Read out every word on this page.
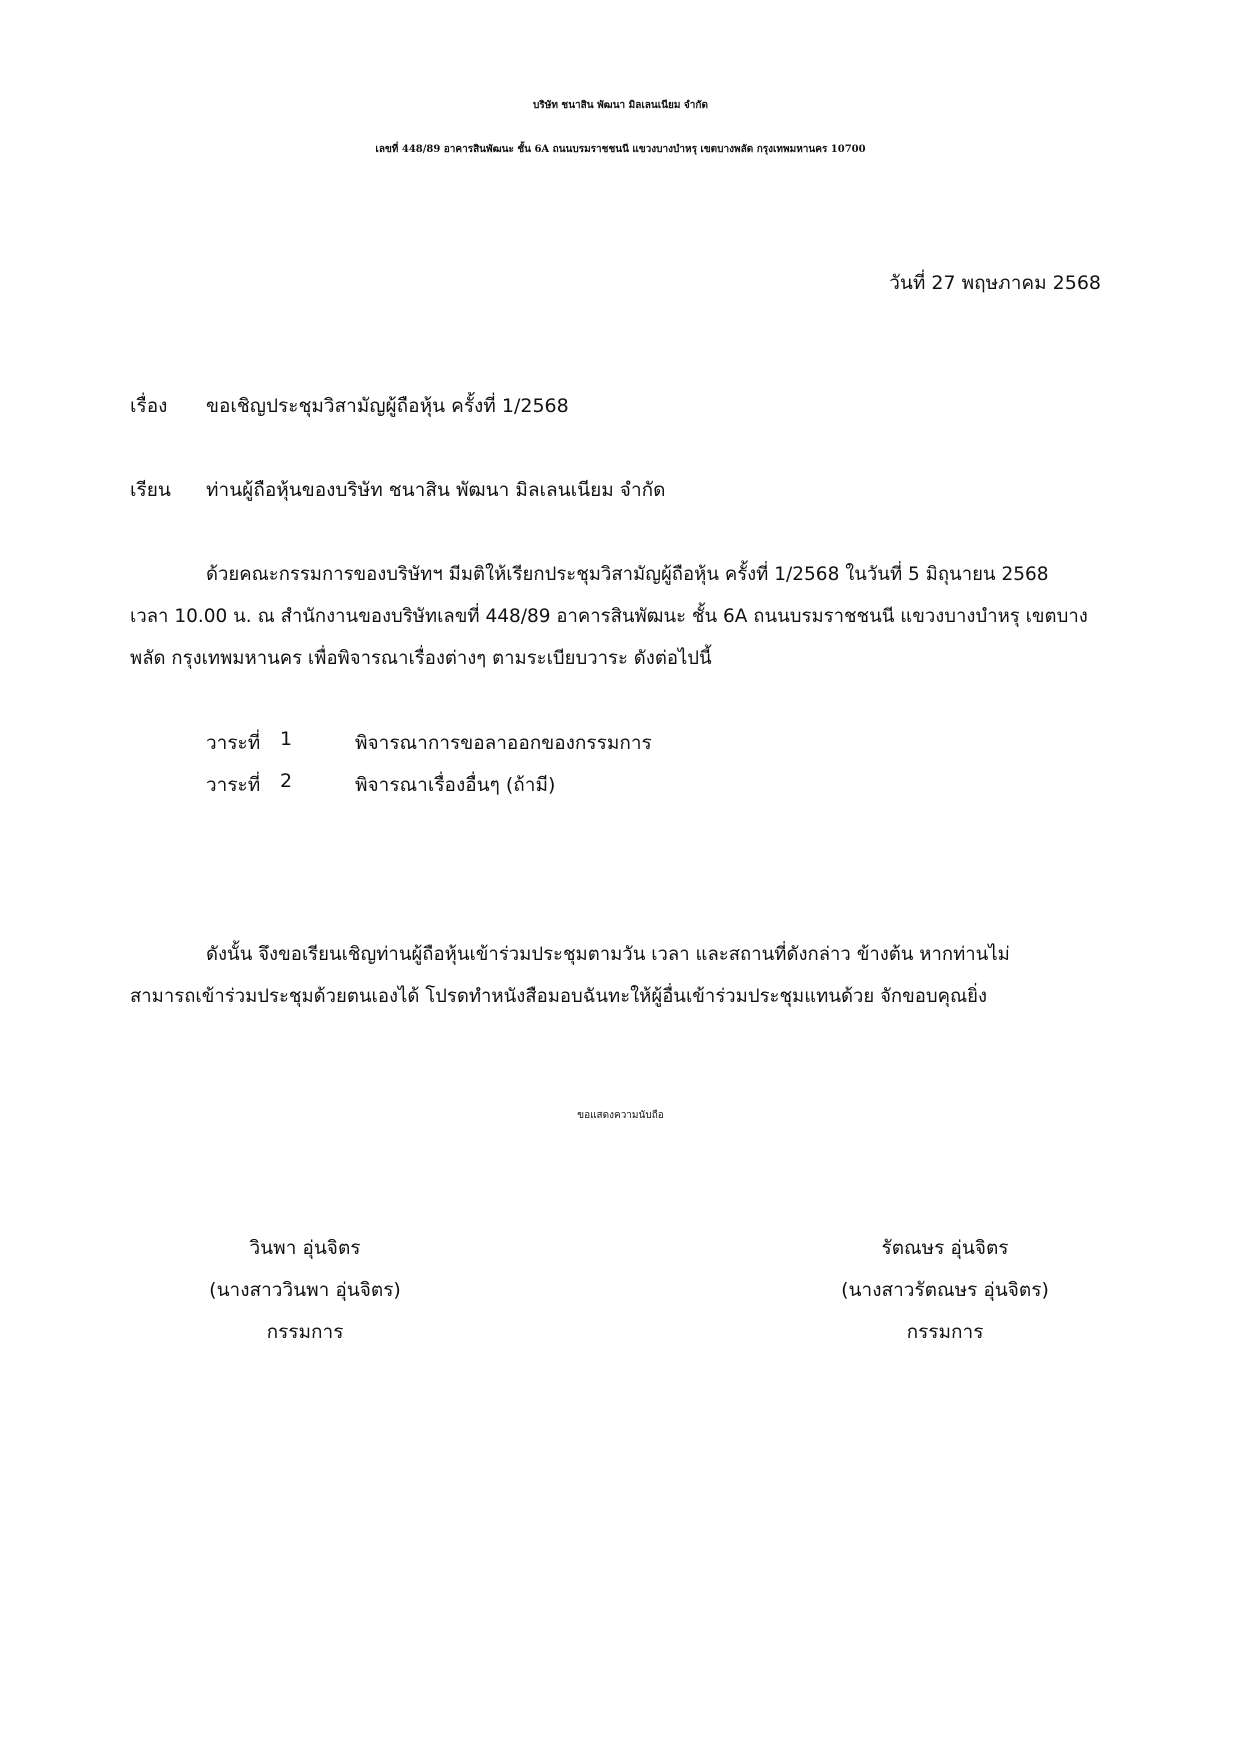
บริษัท ชนาสิน พัฒนา มิลเลนเนียม จำกัด
เลขที่ 448/89 อาคารสินพัฒนะ ชั้น 6A ถนนบรมราชชนนี แขวงบางบำหรุ เขตบางพลัด กรุงเทพมหานคร 10700
วันที่ 27 พฤษภาคม 2568
เรื่อง ขอเชิญประชุมวิสามัญผู้ถือหุ้น ครั้งที่ 1/2568
เรียน ท่านผู้ถือหุ้นของบริษัท ชนาสิน พัฒนา มิลเลนเนียม จำกัด
ด้วยคณะกรรมการของบริษัทฯ มีมติให้เรียกประชุมวิสามัญผู้ถือหุ้น ครั้งที่ 1/2568 ในวันที่ 5 มิถุนายน 2568
เวลา 10.00 น. ณ สำนักงานของบริษัทเลขที่ 448/89 อาคารสินพัฒนะ ชั้น 6A ถนนบรมราชชนนี แขวงบางบำหรุ เขตบาง
พลัด กรุงเทพมหานคร เพื่อพิจารณาเรื่องต่างๆ ตามระเบียบวาระ ดังต่อไปนี้
วาระที่ 1	พิจารณาการขอลาออกของกรรมการ
วาระที่ 2	พิจารณาเรื่องอื่นๆ (ถ้ามี)
ดังนั้น จึงขอเรียนเชิญท่านผู้ถือหุ้นเข้าร่วมประชุมตามวัน เวลา และสถานที่ดังกล่าว ข้างต้น หากท่านไม่
สามารถเข้าร่วมประชุมด้วยตนเองได้ โปรดทำหนังสือมอบฉันทะให้ผู้อื่นเข้าร่วมประชุมแทนด้วย จักขอบคุณยิ่ง
ขอแสดงความนับถือ
วินพา อุ่นจิตร
(นางสาววินพา อุ่นจิตร)
กรรมการ
รัตณษร อุ่นจิตร
(นางสาวรัตณษร อุ่นจิตร)
กรรมการ
